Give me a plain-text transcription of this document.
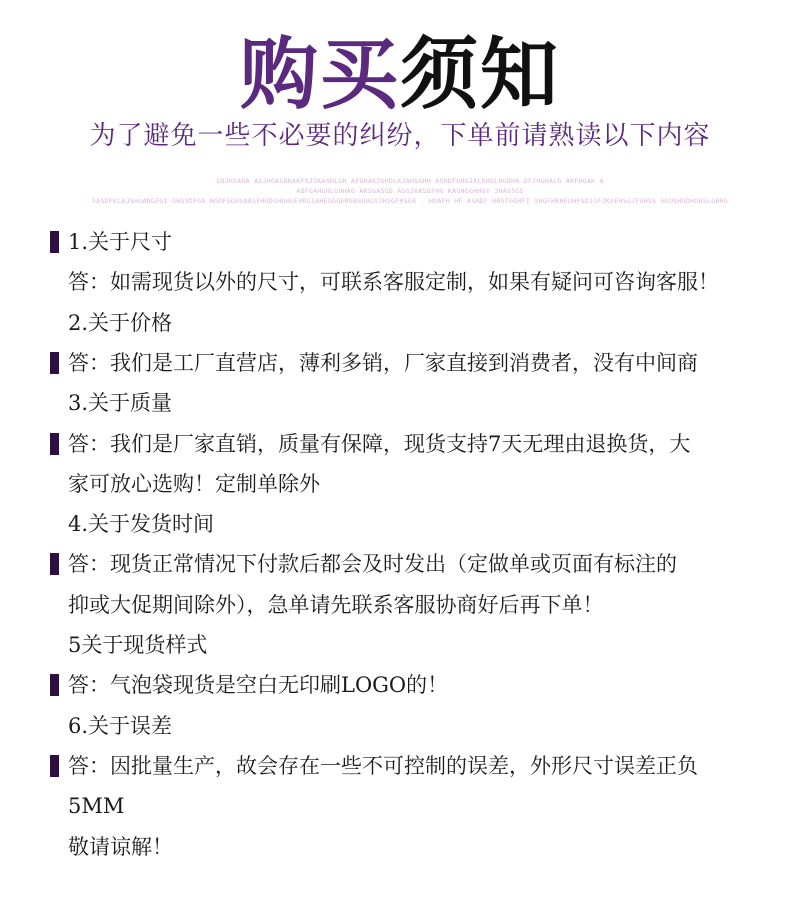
购买须知
为了避免一些不必要的纠纷，下单前请熟读以下内容
SDJHSAHA ASJHGASDHAKFSJGKASHLGH AFGHAKJSHDLKJAHSGHH ASHDFGHGJALSHGLHGDHA DFJHGHALG AKFHGAK A
ADFGAHGHLGHHAG AKSGASGD ASGJKASDFHG KAGHGGHHGY 3HAS5GS
SASDFKLAJSHGANGEGI GHGSDFGA NGDFGGHSAASFHGDGHGHUEHRGIAHEGGGERGBSGHGSJHSGFHSGA . HDAFH HF ASHDF HAGTGGHFI SHGFHKHEUHFSDJGFJKSEHSGJFGHSS HGUSHGDHGHSLGHHG
1.关于尺寸
答：如需现货以外的尺寸，可联系客服定制，如果有疑问可咨询客服！
2.关于价格
答：我们是工厂直营店，薄利多销，厂家直接到消费者，没有中间商
3.关于质量
答：我们是厂家直销，质量有保障，现货支持7天无理由退换货，大
家可放心选购！定制单除外
4.关于发货时间
答：现货正常情况下付款后都会及时发出（定做单或页面有标注的
抑或大促期间除外），急单请先联系客服协商好后再下单！
5关于现货样式
答：气泡袋现货是空白无印刷LOGO的！
6.关于误差
答：因批量生产，故会存在一些不可控制的误差，外形尺寸误差正负
5MM
敬请谅解！
